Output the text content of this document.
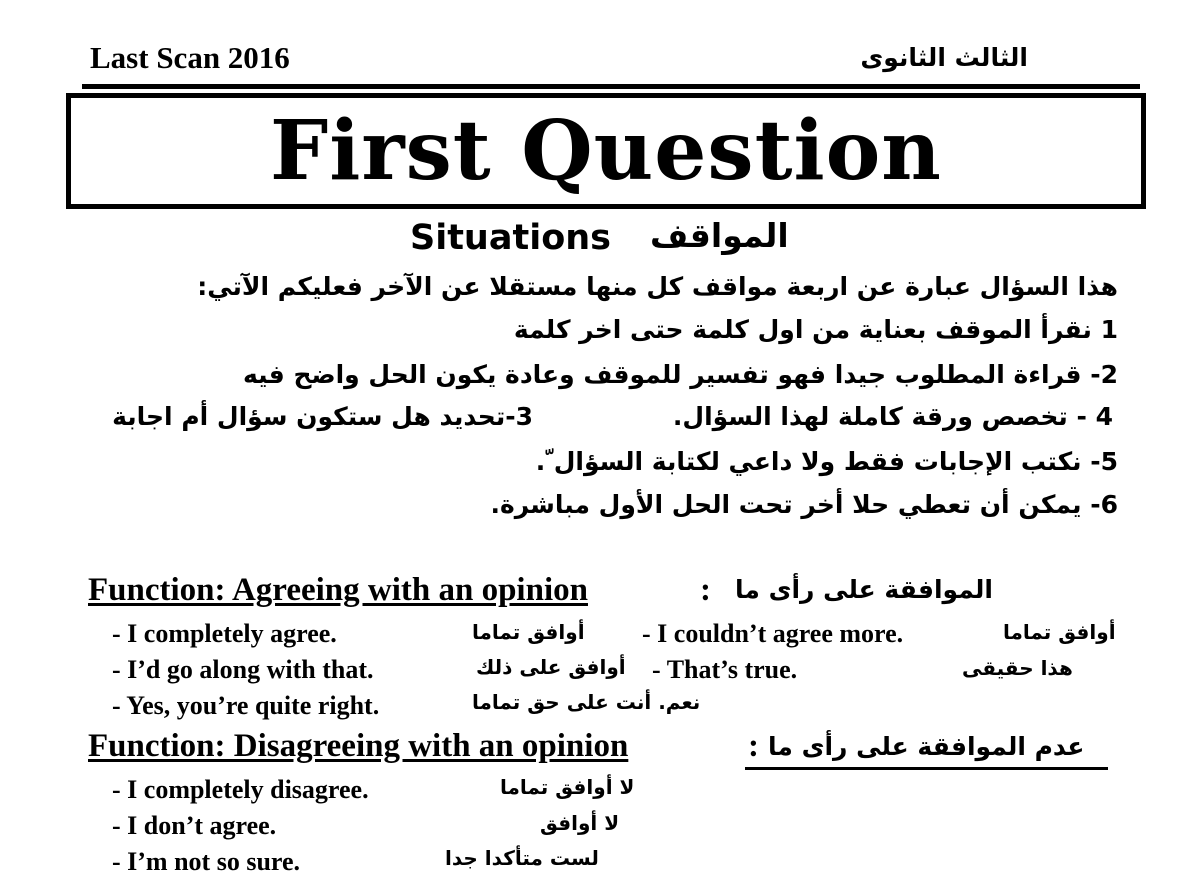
Last Scan 2016	الثالث الثانوى
First Question
Situations المواقف
هذا السؤال عبارة عن اربعة مواقف كل منها مستقلا عن الآخر فعليكم الآتي:
1 نقرأ الموقف بعناية من اول كلمة حتى اخر كلمة
2- قراءة المطلوب جيدا فهو تفسير للموقف وعادة يكون الحل واضح فيه
3-تحديد هل ستكون سؤال أم اجابة	4 - تخصص ورقة كاملة لهذا السؤال.
5- نكتب الإجابات فقط ولا داعي لكتابة السؤال ّ.
6- يمكن أن تعطي حلا أخر تحت الحل الأول مباشرة.
Function: Agreeing with an opinion	: الموافقة على رأى ما
- I completely agree.	أوافق تماما - I couldn’t agree more.	أوافق تماما
- I’d go along with that.	أوافق على ذلك - That’s true.	هذا حقيقى
- Yes, you’re quite right.	نعم. أنت على حق تماما
Function: Disagreeing with an opinion	: عدم الموافقة على رأى ما
- I completely disagree.	لا أوافق تماما
- I don’t agree.	لا أوافق
- I’m not so sure.	لست متأكدا جدا
